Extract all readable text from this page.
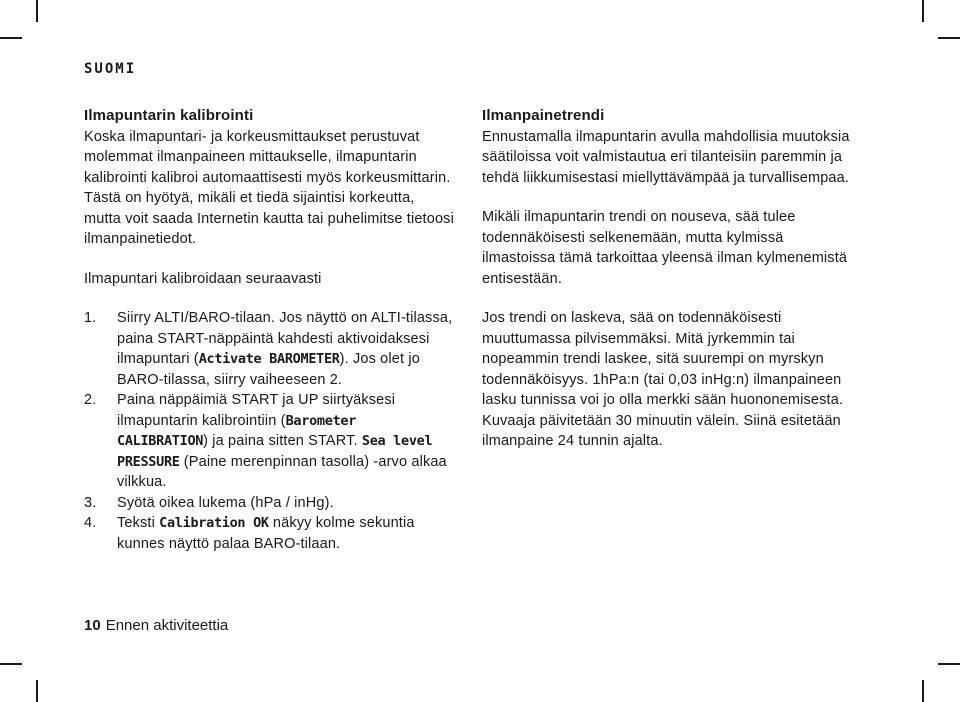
SUOMI

Ilmapuntarin kalibrointi

Koska ilmapuntari- ja korkeusmittaukset perustuvat molemmat ilmanpaineen mittaukselle, ilmapuntarin kalibrointi kalibroi automaattisesti myös korkeusmittarin. Tästä on hyötyä, mikäli et tiedä sijaintisi korkeutta, mutta voit saada Internetin kautta tai puhelimitse tietoosi ilmanpainetiedot.

Ilmapuntari kalibroidaan seuraavasti

1. Siirry ALTI/BARO-tilaan. Jos näyttö on ALTI-tilassa, paina START-näppäintä kahdesti aktivoidaksesi ilmapuntari (Activate BAROMETER). Jos olet jo BARO-tilassa, siirry vaiheeseen 2.
2. Paina näppäimiä START ja UP siirtyäksesi ilmapuntarin kalibrointiin (Barometer CALIBRATION) ja paina sitten START. Sea level PRESSURE (Paine merenpinnan tasolla) -arvo alkaa vilkkua.
3. Syötä oikea lukema (hPa / inHg).
4. Teksti Calibration OK näkyy kolme sekuntia kunnes näyttö palaa BARO-tilaan.

Ilmanpainetrendi

Ennustamalla ilmapuntarin avulla mahdollisia muutoksia säätiloissa voit valmistautua eri tilanteisiin paremmin ja tehdä liikkumisestasi miellyttävämpää ja turvallisempaa.

Mikäli ilmapuntarin trendi on nouseva, sää tulee todennäköisesti selkenemään, mutta kylmissä ilmastoissa tämä tarkoittaa yleensä ilman kylmenemistä entisestään.

Jos trendi on laskeva, sää on todennäköisesti muuttumassa pilvisemmäksi. Mitä jyrkemmin tai nopeammin trendi laskee, sitä suurempi on myrskyn todennäköisyys. 1hPa:n (tai 0,03 inHg:n) ilmanpaineen lasku tunnissa voi jo olla merkki sään huononemisesta. Kuvaaja päivitetään 30 minuutin välein. Siinä esitetään ilmanpaine 24 tunnin ajalta.

10 Ennen aktiviteettia
